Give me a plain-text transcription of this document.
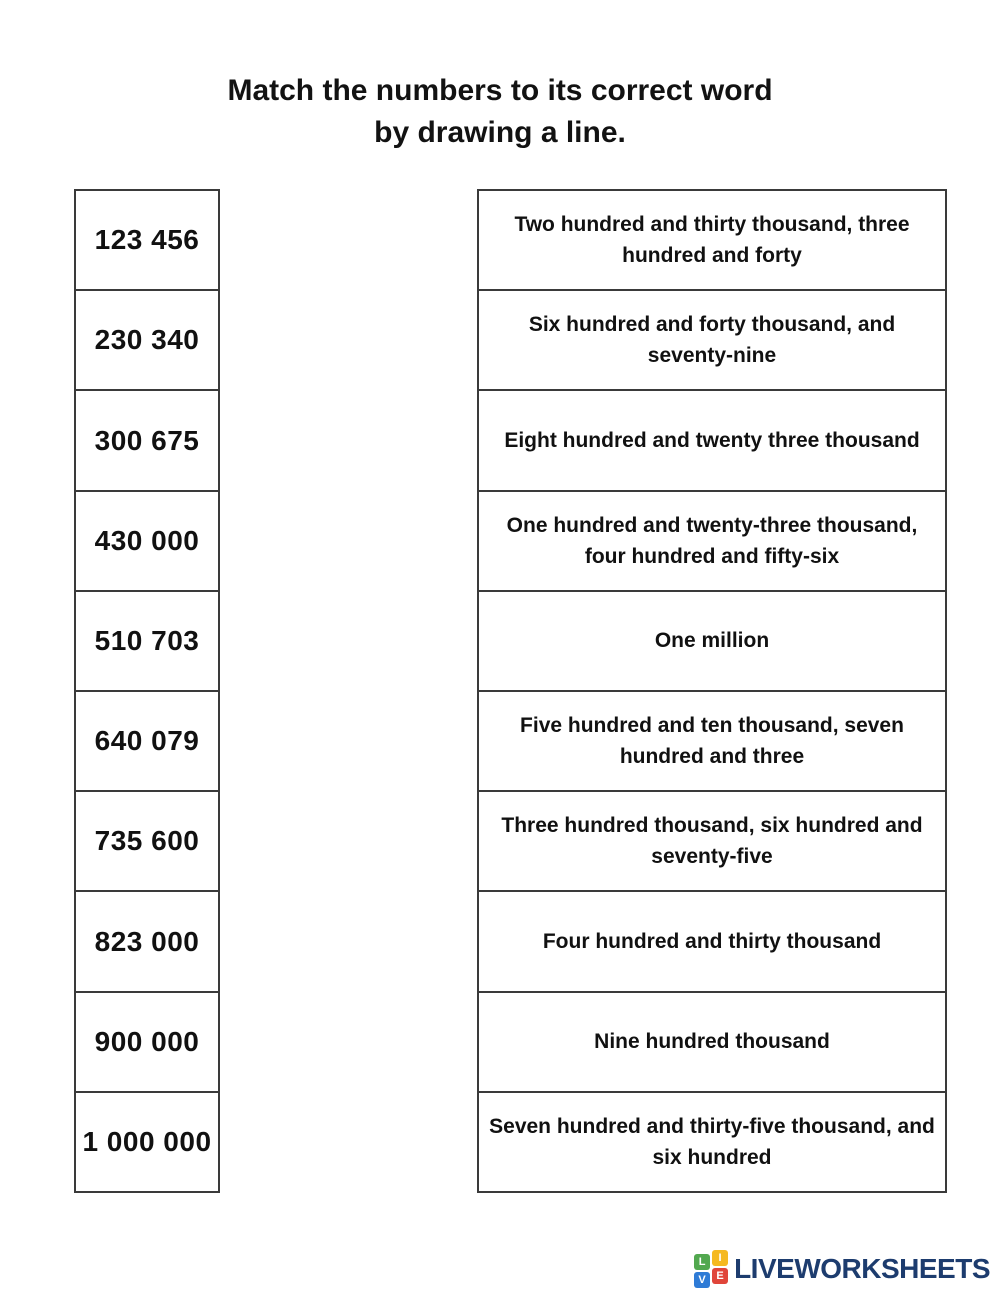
Match the numbers to its correct word
by drawing a line.
123 456
230 340
300 675
430 000
510 703
640 079
735 600
823 000
900 000
1 000 000
Two hundred and thirty thousand, three hundred and forty
Six hundred and forty thousand, and seventy-nine
Eight hundred and twenty three thousand
One hundred and twenty-three thousand, four hundred and fifty-six
One million
Five hundred and ten thousand, seven hundred and three
Three hundred thousand, six hundred and seventy-five
Four hundred and thirty thousand
Nine hundred thousand
Seven hundred and thirty-five thousand, and six hundred
L	I
V E LIVEWORKSHEETS
